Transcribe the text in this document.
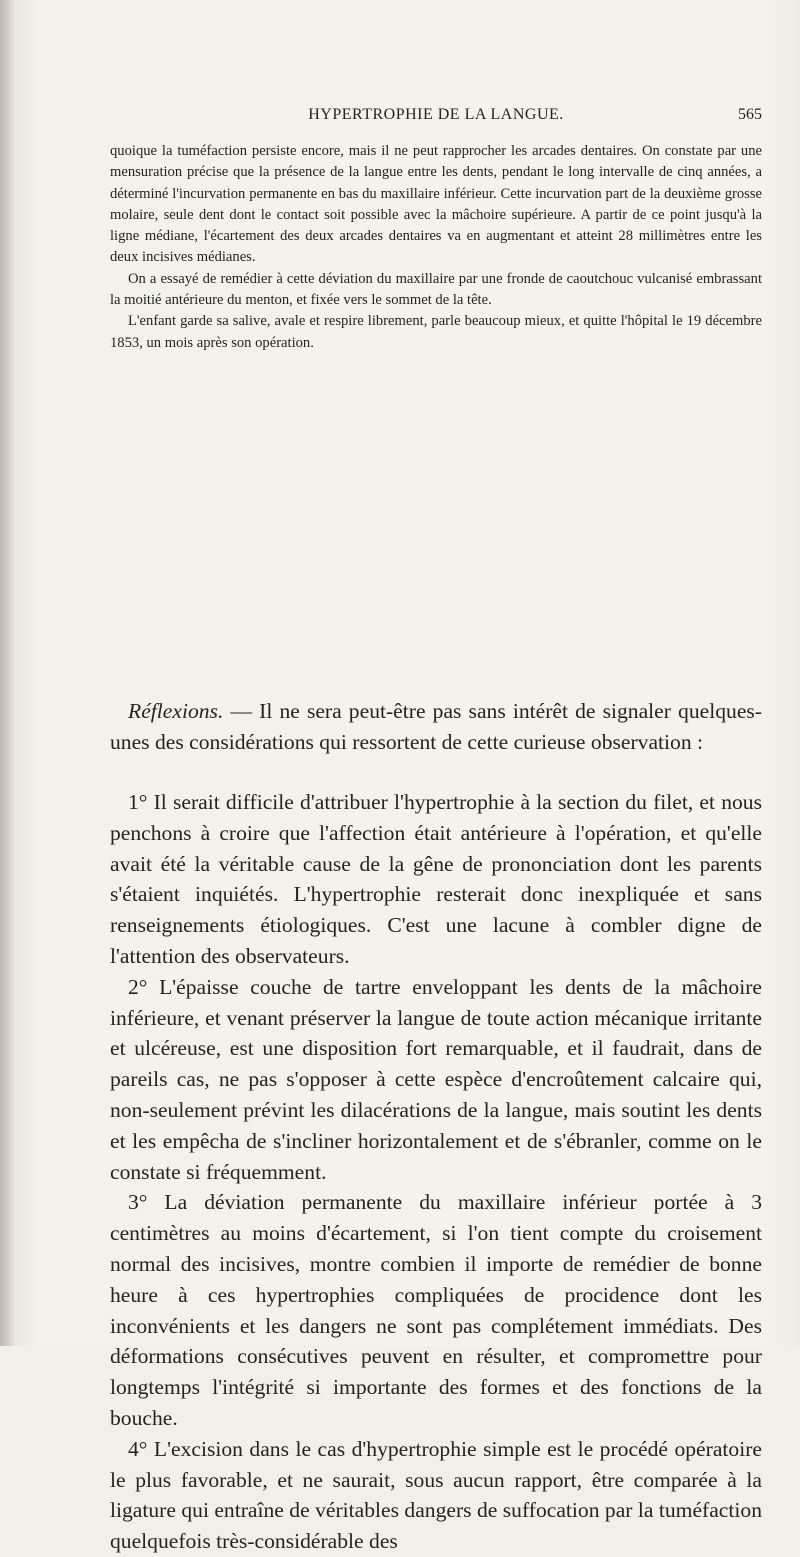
HYPERTROPHIE DE LA LANGUE.	565

quoique la tuméfaction persiste encore, mais il ne peut rapprocher les arcades dentaires. On constate par une mensuration précise que la présence de la langue entre les dents, pendant le long intervalle de cinq années, a déterminé l'incurvation permanente en bas du maxillaire inférieur. Cette incurvation part de la deuxième grosse molaire, seule dent dont le contact soit possible avec la mâchoire supérieure. A partir de ce point jusqu'à la ligne médiane, l'écartement des deux arcades dentaires va en augmentant et atteint 28 millimètres entre les deux incisives médianes.

On a essayé de remédier à cette déviation du maxillaire par une fronde de caoutchouc vulcanisé embrassant la moitié antérieure du menton, et fixée vers le sommet de la tête.

L'enfant garde sa salive, avale et respire librement, parle beaucoup mieux, et quitte l'hôpital le 19 décembre 1853, un mois après son opération.

Réflexions. — Il ne sera peut-être pas sans intérêt de signaler quelques-unes des considérations qui ressortent de cette curieuse observation :

1° Il serait difficile d'attribuer l'hypertrophie à la section du filet, et nous penchons à croire que l'affection était antérieure à l'opération, et qu'elle avait été la véritable cause de la gêne de prononciation dont les parents s'étaient inquiétés. L'hypertrophie resterait donc inexpliquée et sans renseignements étiologiques. C'est une lacune à combler digne de l'attention des observateurs.

2° L'épaisse couche de tartre enveloppant les dents de la mâchoire inférieure, et venant préserver la langue de toute action mécanique irritante et ulcéreuse, est une disposition fort remarquable, et il faudrait, dans de pareils cas, ne pas s'opposer à cette espèce d'encroûtement calcaire qui, non-seulement prévint les dilacérations de la langue, mais soutint les dents et les empêcha de s'incliner horizontalement et de s'ébranler, comme on le constate si fréquemment.

3° La déviation permanente du maxillaire inférieur portée à 3 centimètres au moins d'écartement, si l'on tient compte du croisement normal des incisives, montre combien il importe de remédier de bonne heure à ces hypertrophies compliquées de procidence dont les inconvénients et les dangers ne sont pas complétement immédiats. Des déformations consécutives peuvent en résulter, et compromettre pour longtemps l'intégrité si importante des formes et des fonctions de la bouche.

4° L'excision dans le cas d'hypertrophie simple est le procédé opératoire le plus favorable, et ne saurait, sous aucun rapport, être comparée à la ligature qui entraîne de véritables dangers de suffocation par la tuméfaction quelquefois très-considérable des
